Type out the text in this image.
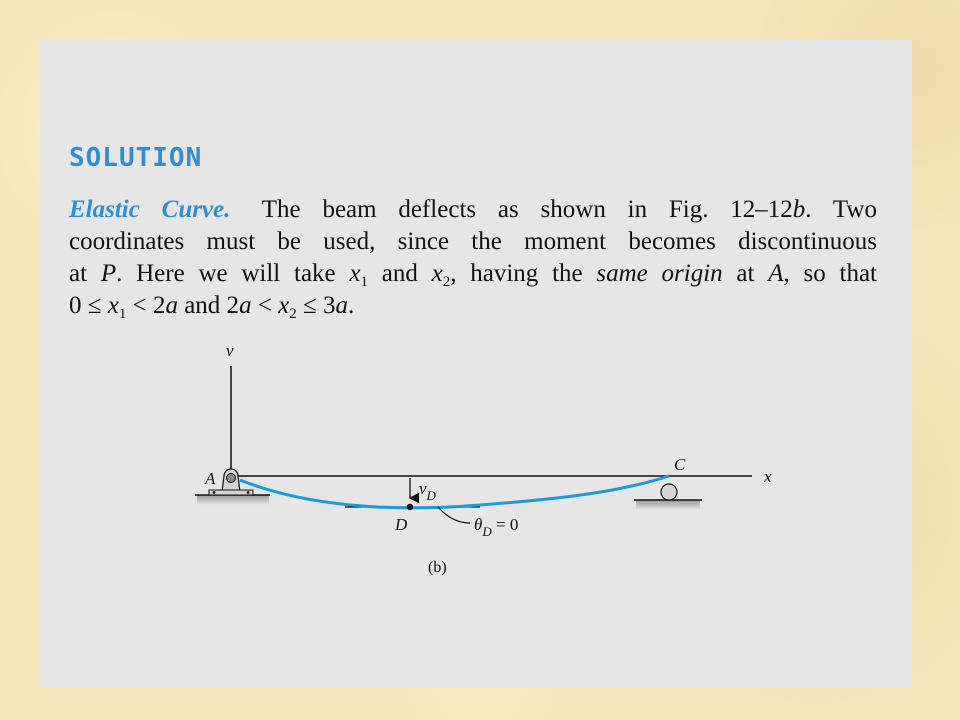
SOLUTION
Elastic Curve. The beam deflects as shown in Fig. 12–12b. Two
coordinates must be used, since the moment becomes discontinuous
at P. Here we will take $x_1$ and $x_2$, having the same origin at A, so that
$0 \le x_1 < 2a$ and $2a < x_2 \le 3a$.
v
x
A
C
$v_D$
D	$\theta_D = 0$
(b)
